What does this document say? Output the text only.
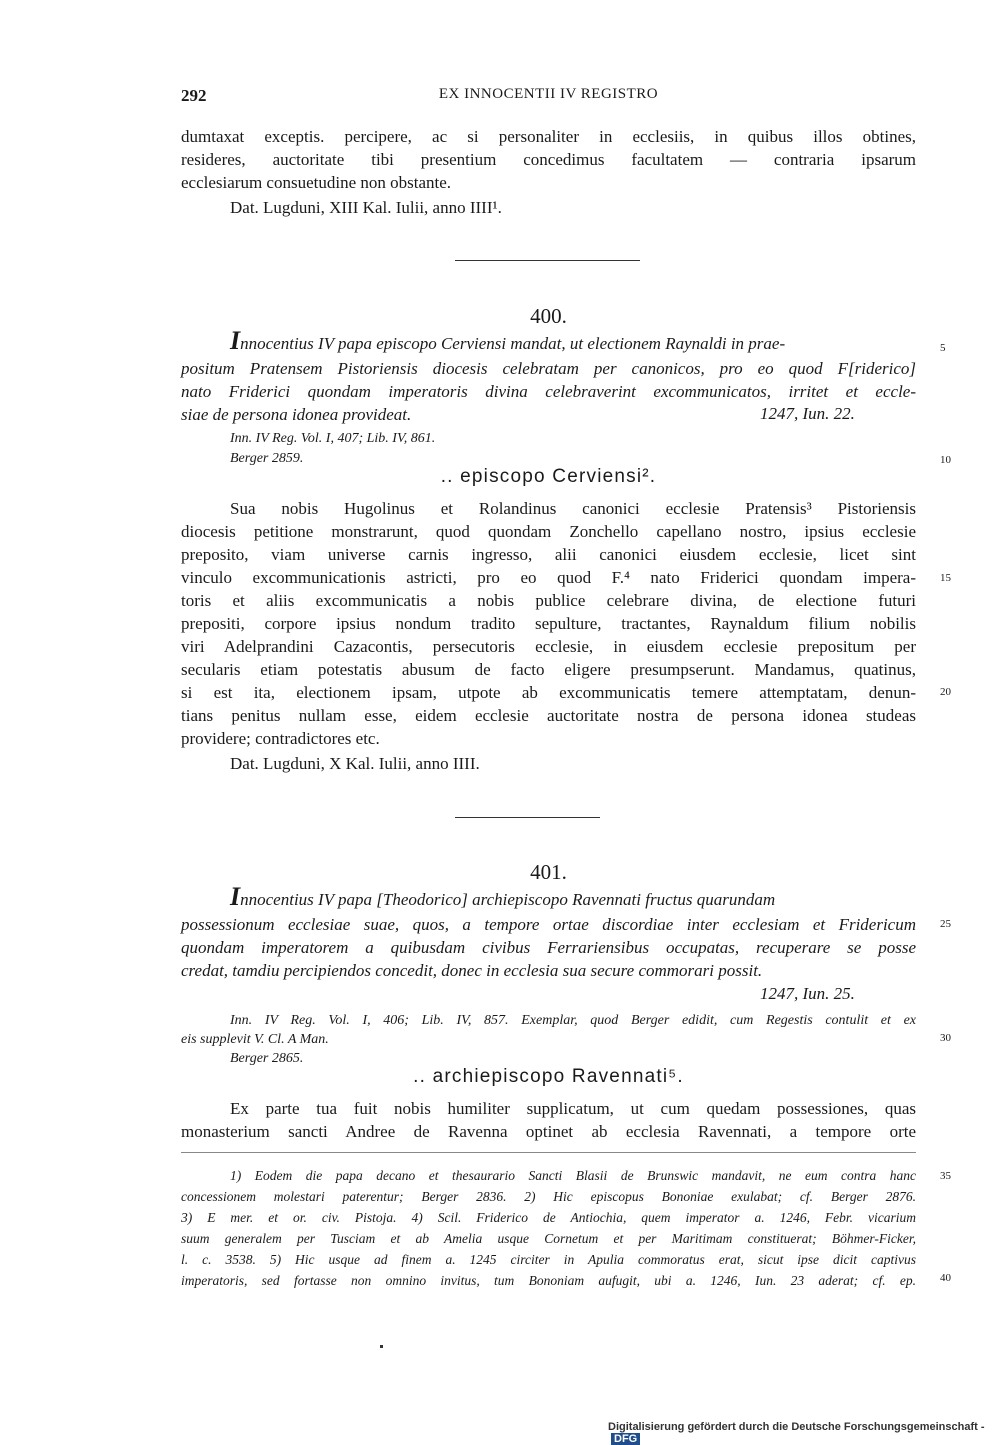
292	EX INNOCENTII IV REGISTRO
dumtaxat exceptis. percipere, ac si personaliter in ecclesiis, in quibus illos obtines,
resideres, auctoritate tibi presentium concedimus facultatem — contraria ipsarum
ecclesiarum consuetudine non obstante.
Dat. Lugduni, XIII Kal. Iulii, anno IIII¹.
400.
Innocentius IV papa episcopo Cerviensi mandat, ut electionem Raynaldi in prae-
positum Pratensem Pistoriensis diocesis celebratam per canonicos, pro eo quod F[riderico]
nato Friderici quondam imperatoris divina celebraverint excommunicatos, irritet et eccle-
siae de persona idonea provideat.	1247, Iun. 22.
Inn. IV Reg. Vol. I, 407; Lib. IV, 861.
Berger 2859.
.. episcopo Cerviensi².
Sua nobis Hugolinus et Rolandinus canonici ecclesie Pratensis³ Pistoriensis
diocesis petitione monstrarunt, quod quondam Zonchello capellano nostro, ipsius ecclesie
preposito, viam universe carnis ingresso, alii canonici eiusdem ecclesie, licet sint
vinculo excommunicationis astricti, pro eo quod F.⁴ nato Friderici quondam impera-
toris et aliis excommunicatis a nobis publice celebrare divina, de electione futuri
prepositi, corpore ipsius nondum tradito sepulture, tractantes, Raynaldum filium nobilis
viri Adelprandini Cazacontis, persecutoris ecclesie, in eiusdem ecclesie prepositum per
secularis etiam potestatis abusum de facto eligere presumpserunt. Mandamus, quatinus,
si est ita, electionem ipsam, utpote ab excommunicatis temere attemptatam, denun-
tians penitus nullam esse, eidem ecclesie auctoritate nostra de persona idonea studeas
providere; contradictores etc.
Dat. Lugduni, X Kal. Iulii, anno IIII.
401.
Innocentius IV papa [Theodorico] archiepiscopo Ravennati fructus quarundam
possessionum ecclesiae suae, quos, a tempore ortae discordiae inter ecclesiam et Fridericum
quondam imperatorem a quibusdam civibus Ferrariensibus occupatas, recuperare se posse
credat, tamdiu percipiendos concedit, donec in ecclesia sua secure commorari possit.
1247, Iun. 25.
Inn. IV Reg. Vol. I, 406; Lib. IV, 857. Exemplar, quod Berger edidit, cum Regestis contulit et ex
eis supplevit V. Cl. A Man.
Berger 2865.
.. archiepiscopo Ravennati⁵.
Ex parte tua fuit nobis humiliter supplicatum, ut cum quedam possessiones, quas
monasterium sancti Andree de Ravenna optinet ab ecclesia Ravennati, a tempore orte
1) Eodem die papa decano et thesaurario Sancti Blasii de Brunswic mandavit, ne eum contra hanc
concessionem molestari paterentur; Berger 2836. 2) Hic episcopus Bononiae exulabat; cf. Berger 2876.
3) E mer. et or. civ. Pistoja. 4) Scil. Friderico de Antiochia, quem imperator a. 1246, Febr. vicarium
suum generalem per Tusciam et ab Amelia usque Cornetum et per Maritimam constituerat; Böhmer-Ficker,
l. c. 3538. 5) Hic usque ad finem a. 1245 circiter in Apulia commoratus erat, sicut ipse dicit captivus
imperatoris, sed fortasse non omnino invitus, tum Bononiam aufugit, ubi a. 1246, Iun. 23 aderat; cf. ep.
5
10
15
20
25
30
35
40
Digitalisierung gefördert durch die Deutsche Forschungsgemeinschaft - DFG
